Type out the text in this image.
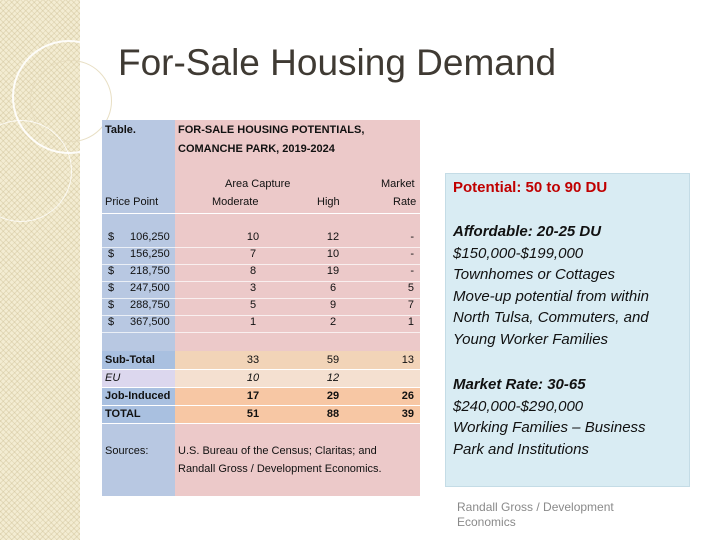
For-Sale Housing Demand
Table.	FOR-SALE HOUSING POTENTIALS,
COMANCHE PARK, 2019-2024
Area Capture	Market
Price Point	Moderate	High	Rate
$ 106,250	10	12	-
$ 156,250	7	10	-
$ 218,750	8	19	-
$ 247,500	3	6	5
$ 288,750	5	9	7
$ 367,500	1	2	1
Sub-Total	33	59	13
EU	10	12
Job-Induced	17	29	26
TOTAL	51	88	39
Sources:	U.S. Bureau of the Census; Claritas; and
Randall Gross / Development Economics.
Potential: 50 to 90 DU
Affordable: 20-25 DU
$150,000-$199,000
Townhomes or Cottages
Move-up potential from within
North Tulsa, Commuters, and
Young Worker Families
Market Rate: 30-65
$240,000-$290,000
Working Families – Business
Park and Institutions
Randall Gross / Development
Economics
